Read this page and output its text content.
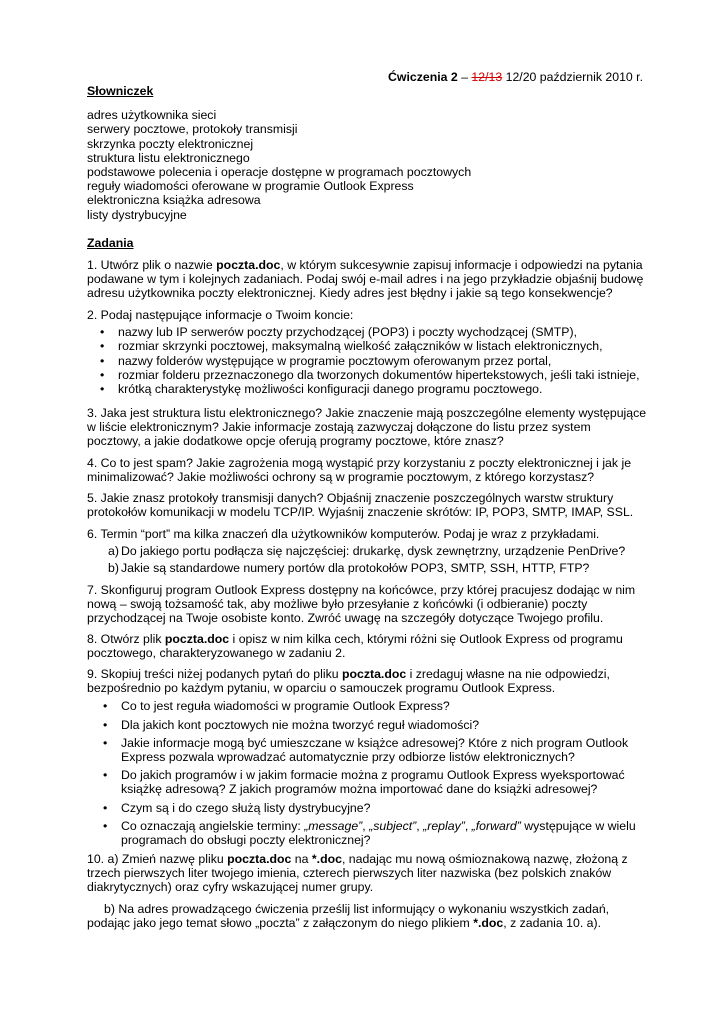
Ćwiczenia 2 – 12/13 12/20 październik 2010 r.
Słowniczek
adres użytkownika sieci
serwery pocztowe, protokoły transmisji
skrzynka poczty elektronicznej
struktura listu elektronicznego
podstawowe polecenia i operacje dostępne w programach pocztowych
reguły wiadomości oferowane w programie Outlook Express
elektroniczna książka adresowa
listy dystrybucyjne
Zadania

1. Utwórz plik o nazwie poczta.doc, w którym sukcesywnie zapisuj informacje i odpowiedzi na pytania podawane w tym i kolejnych zadaniach. Podaj swój e-mail adres i na jego przykładzie objaśnij budowę adresu użytkownika poczty elektronicznej. Kiedy adres jest błędny i jakie są tego konsekwencje?

2. Podaj następujące informacje o Twoim koncie:

• nazwy lub IP serwerów poczty przychodzącej (POP3) i poczty wychodzącej (SMTP),
• rozmiar skrzynki pocztowej, maksymalną wielkość załączników w listach elektronicznych,
• nazwy folderów występujące w programie pocztowym oferowanym przez portal,
• rozmiar folderu przeznaczonego dla tworzonych dokumentów hipertekstowych, jeśli taki istnieje,
• krótką charakterystykę możliwości konfiguracji danego programu pocztowego.

3. Jaka jest struktura listu elektronicznego? Jakie znaczenie mają poszczególne elementy występujące w liście elektronicznym? Jakie informacje zostają zazwyczaj dołączone do listu przez system pocztowy, a jakie dodatkowe opcje oferują programy pocztowe, które znasz?

4. Co to jest spam? Jakie zagrożenia mogą wystąpić przy korzystaniu z poczty elektronicznej i jak je minimalizować? Jakie możliwości ochrony są w programie pocztowym, z którego korzystasz?

5. Jakie znasz protokoły transmisji danych? Objaśnij znaczenie poszczególnych warstw struktury protokołów komunikacji w modelu TCP/IP. Wyjaśnij znaczenie skrótów: IP, POP3, SMTP, IMAP, SSL.

6. Termin “port” ma kilka znaczeń dla użytkowników komputerów. Podaj je wraz z przykładami.

a) Do jakiego portu podłącza się najczęściej: drukarkę, dysk zewnętrzny, urządzenie PenDrive?
b) Jakie są standardowe numery portów dla protokołów POP3, SMTP, SSH, HTTP, FTP?

7. Skonfiguruj program Outlook Express dostępny na końcówce, przy której pracujesz dodając w nim nową – swoją tożsamość tak, aby możliwe było przesyłanie z końcówki (i odbieranie) poczty przychodzącej na Twoje osobiste konto. Zwróć uwagę na szczegóły dotyczące Twojego profilu.

8. Otwórz plik poczta.doc i opisz w nim kilka cech, którymi różni się Outlook Express od programu pocztowego, charakteryzowanego w zadaniu 2.

9. Skopiuj treści niżej podanych pytań do pliku poczta.doc i zredaguj własne na nie odpowiedzi, bezpośrednio po każdym pytaniu, w oparciu o samouczek programu Outlook Express.

• Co to jest reguła wiadomości w programie Outlook Express?
• Dla jakich kont pocztowych nie można tworzyć reguł wiadomości?
• Jakie informacje mogą być umieszczane w książce adresowej? Które z nich program Outlook Express pozwala wprowadzać automatycznie przy odbiorze listów elektronicznych?
• Do jakich programów i w jakim formacie można z programu Outlook Express wyeksportować książkę adresową? Z jakich programów można importować dane do książki adresowej?
• Czym są i do czego służą listy dystrybucyjne?
• Co oznaczają angielskie terminy: „message”, „subject”, „replay”, „forward” występujące w wielu programach do obsługi poczty elektronicznej?

10. a) Zmień nazwę pliku poczta.doc na *.doc, nadając mu nową ośmioznakową nazwę, złożoną z trzech pierwszych liter twojego imienia, czterech pierwszych liter nazwiska (bez polskich znaków diakrytycznych) oraz cyfry wskazującej numer grupy.

b) Na adres prowadzącego ćwiczenia prześlij list informujący o wykonaniu wszystkich zadań, podając jako jego temat słowo „poczta” z załączonym do niego plikiem *.doc, z zadania 10. a).
